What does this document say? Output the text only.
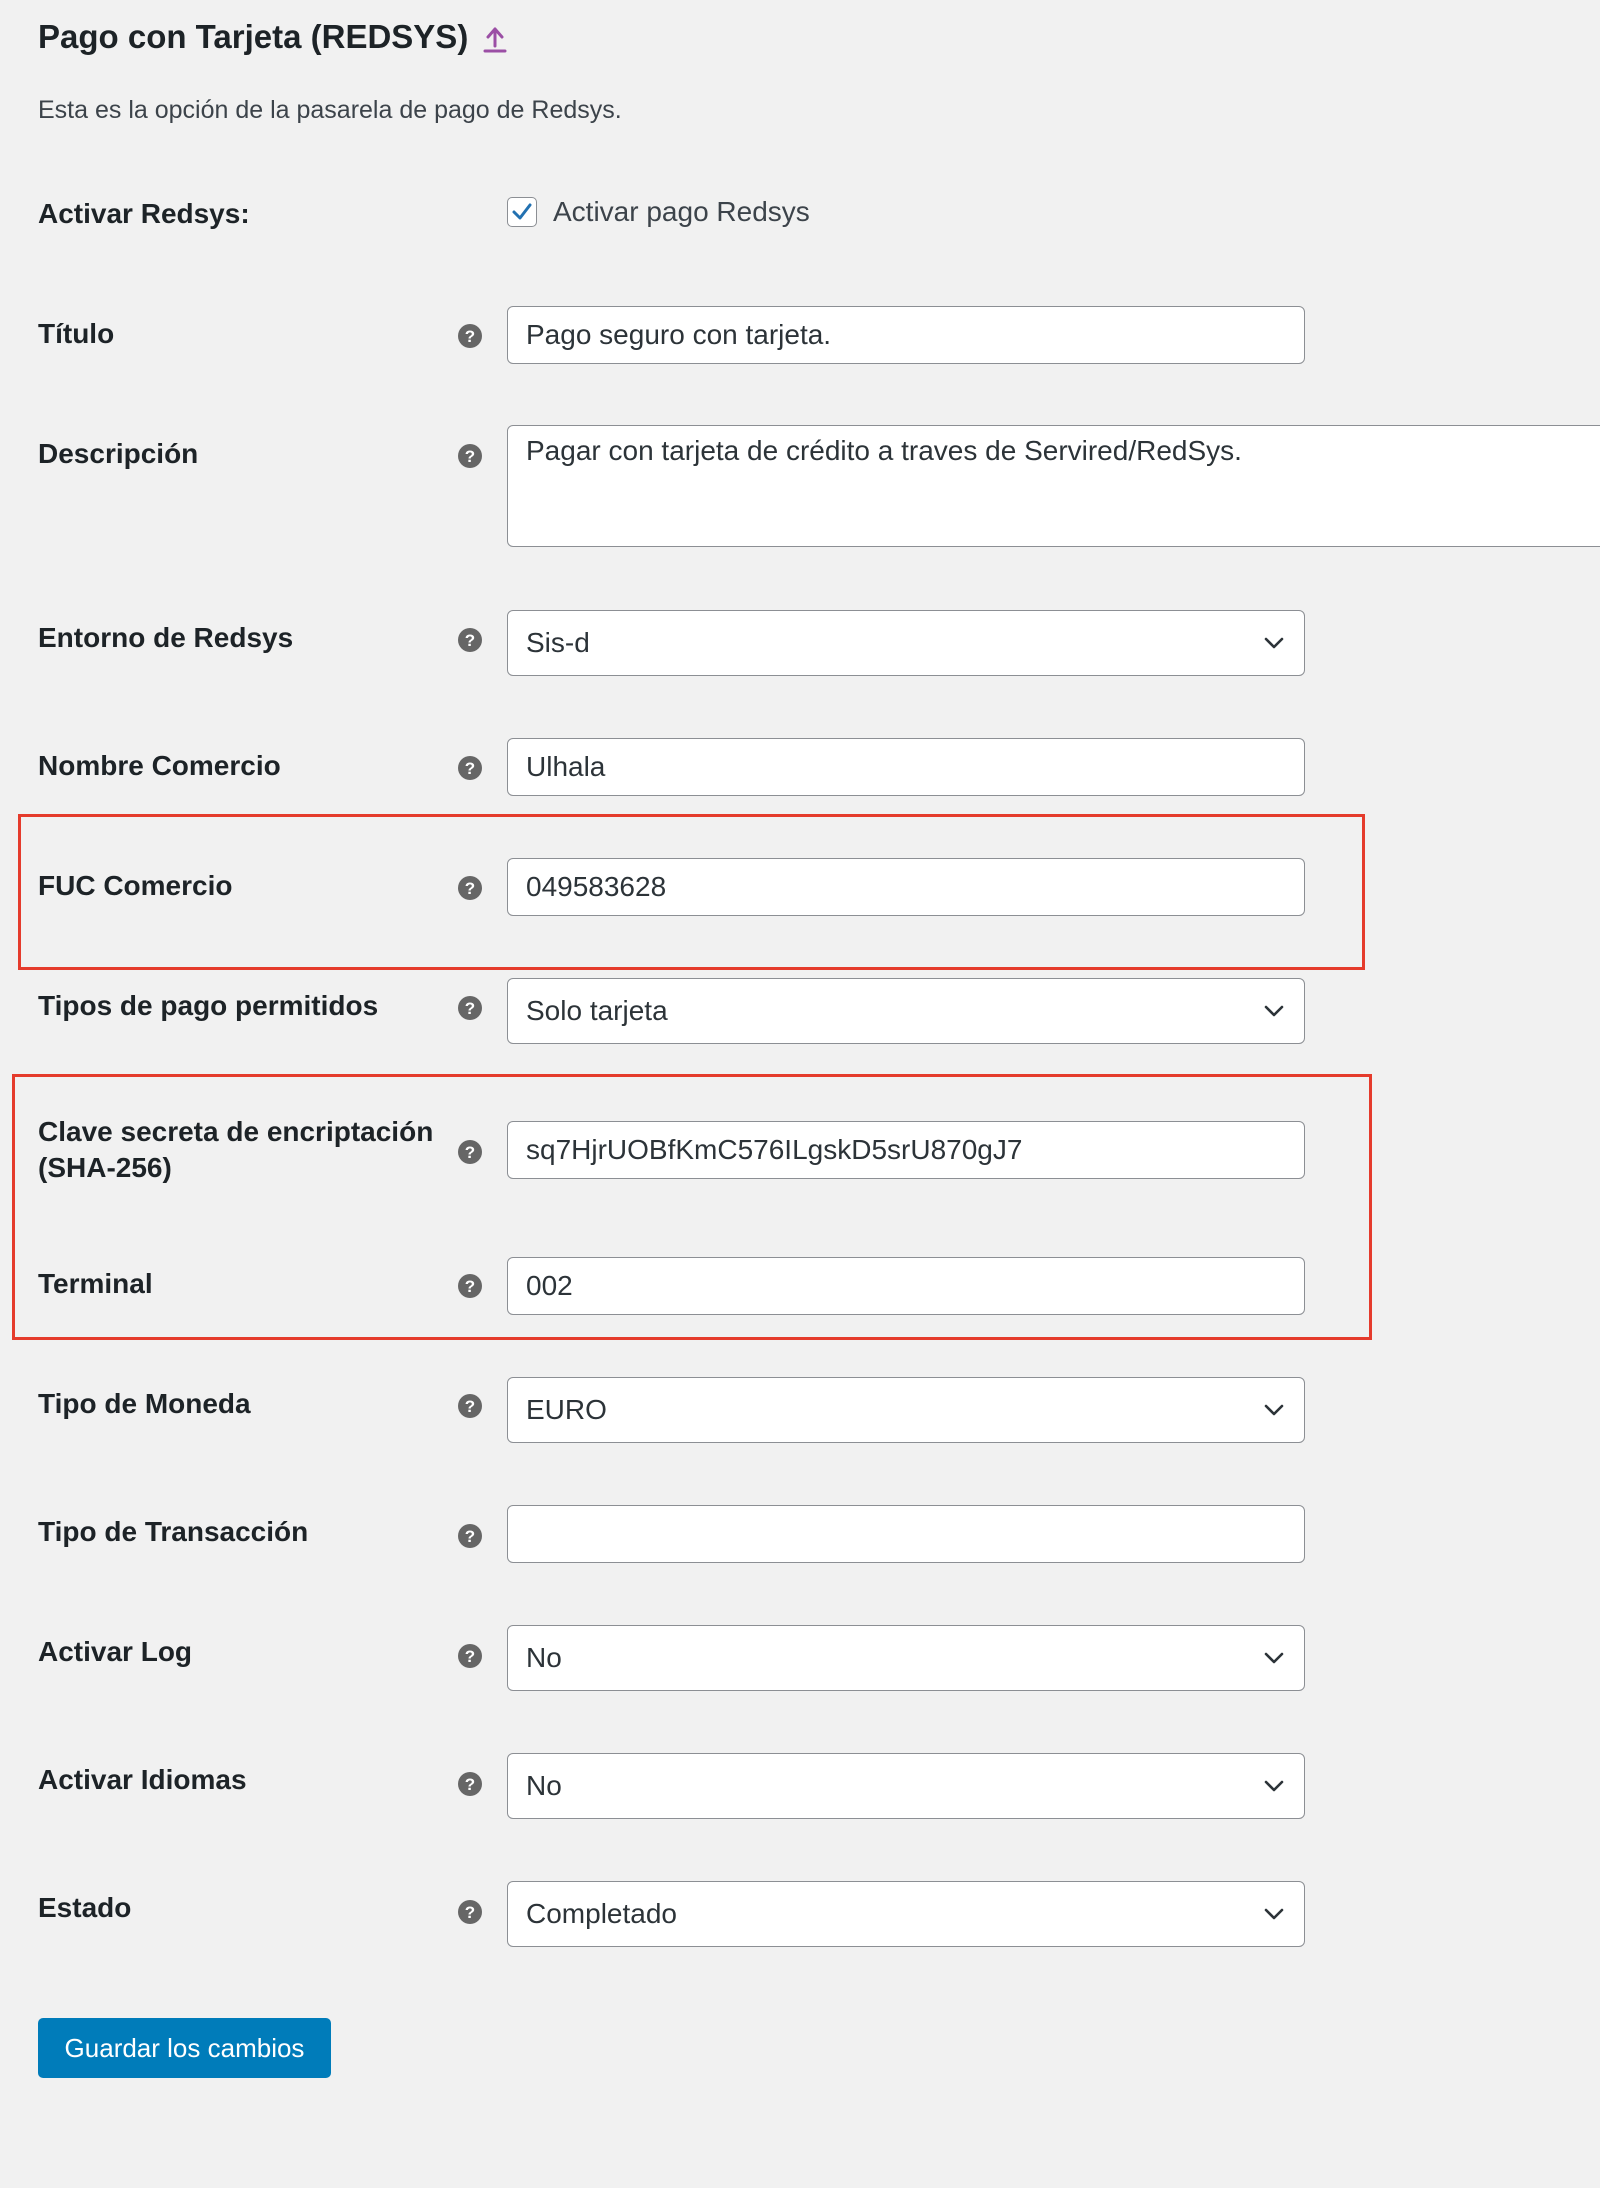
Pago con Tarjeta (REDSYS)
Esta es la opción de la pasarela de pago de Redsys.
Activar Redsys:	Activar pago Redsys
Título	?	Pago seguro con tarjeta.
Descripción	?	Pagar con tarjeta de crédito a traves de Servired/RedSys.
Entorno de Redsys	? Sis-d
Nombre Comercio	?	Ulhala
FUC Comercio	?	049583628
Tipos de pago permitidos	? Solo tarjeta
Clave secreta de encriptación
(SHA-256)	?	sq7HjrUOBfKmC576ILgskD5srU870gJ7
Terminal	?	002
Tipo de Moneda	? EURO
Tipo de Transacción	?
Activar Log	? No
Activar Idiomas	? No
Estado	? Completado
Guardar los cambios
